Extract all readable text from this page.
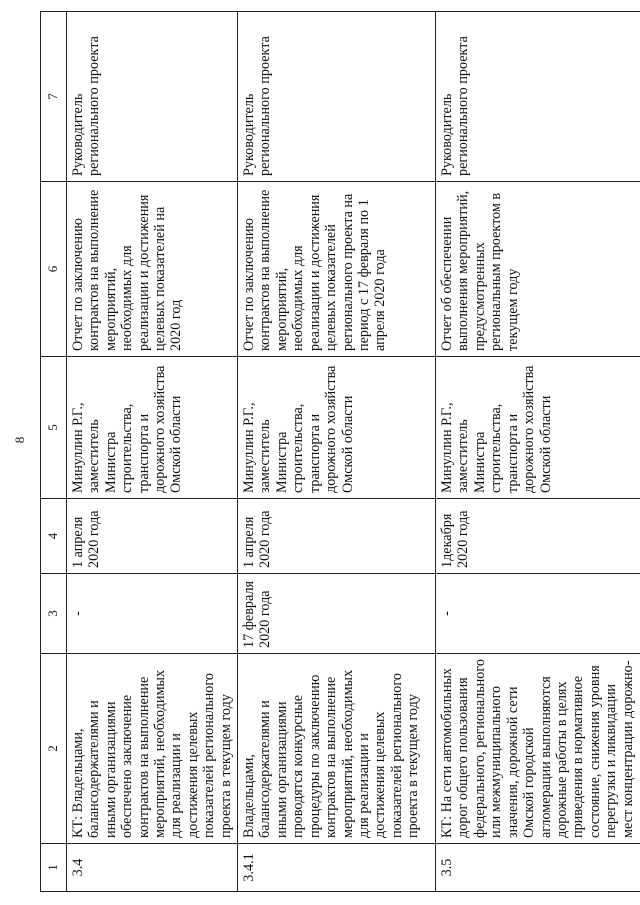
8
1	2	3	4	5	6	7
3.4	КТ: Владельцами, балансодержателями и иными организациями обеспечено заключение контрактов на выполнение мероприятий, необходимых для реализации и достижения целевых показателей регионального проекта в текущем году	-	1 апреля 2020 года	Минуллин Р.Г., заместитель Министра строительства, транспорта и дорожного хозяйства Омской области	Отчет по заключению контрактов на выполнение мероприятий, необходимых для реализации и достижения целевых показателей на 2020 год	Руководитель регионального проекта
3.4.1	Владельцами, балансодержателями и иными организациями проводятся конкурсные процедуры по заключению контрактов на выполнение мероприятий, необходимых для реализации и достижения целевых показателей регионального проекта в текущем году	17 февраля 2020 года	1 апреля 2020 года	Минуллин Р.Г., заместитель Министра строительства, транспорта и дорожного хозяйства Омской области	Отчет по заключению контрактов на выполнение мероприятий, необходимых для реализации и достижения целевых показателей регионального проекта на период с 17 февраля по 1 апреля 2020 года	Руководитель регионального проекта
3.5	КТ: На сети автомобильных дорог общего пользования федерального, регионального или межмуниципального значения, дорожной сети Омской городской агломерации выполняются дорожные работы в целях приведения в нормативное состояние, снижения уровня перегрузки и ликвидации мест концентрации дорожно-	-	1декабря 2020 года	Минуллин Р.Г., заместитель Министра строительства, транспорта и дорожного хозяйства Омской области	Отчет об обеспечении выполнения мероприятий, предусмотренных региональным проектом в текущем году	Руководитель регионального проекта
